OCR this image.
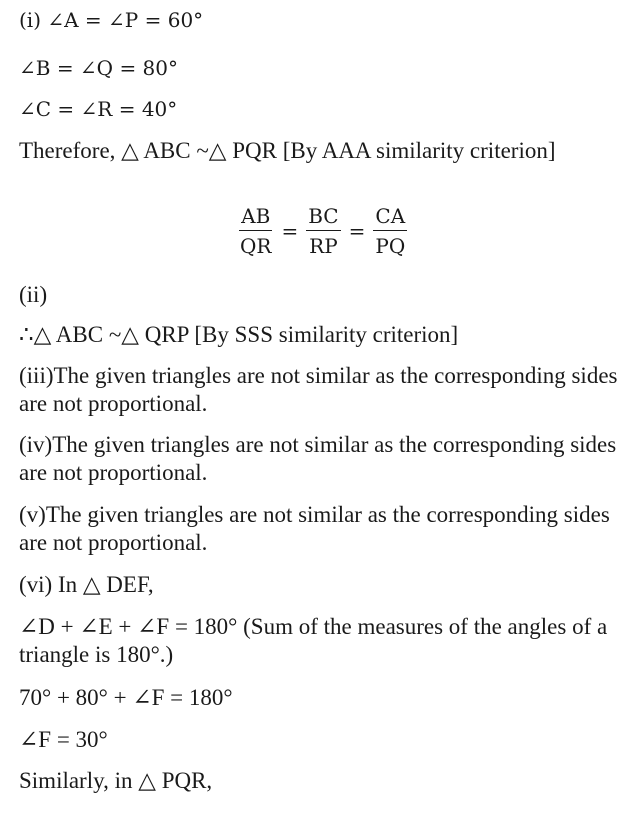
(i) ∠A = ∠P = 60°
∠B = ∠Q = 80°
∠C = ∠R = 40°
Therefore, △ ABC ~△ PQR [By AAA similarity criterion]
$\frac{AB}{QR} = \frac{BC}{RP} = \frac{CA}{PQ}$
(ii)
∴△ ABC ~△ QRP [By SSS similarity criterion]
(iii)The given triangles are not similar as the corresponding sides are not proportional.
(iv)The given triangles are not similar as the corresponding sides are not proportional.
(v)The given triangles are not similar as the corresponding sides are not proportional.
(vi) In △ DEF,
∠D + ∠E + ∠F = 180° (Sum of the measures of the angles of a triangle is 180°.)
70° + 80° + ∠F = 180°
∠F = 30°
Similarly, in △ PQR,
